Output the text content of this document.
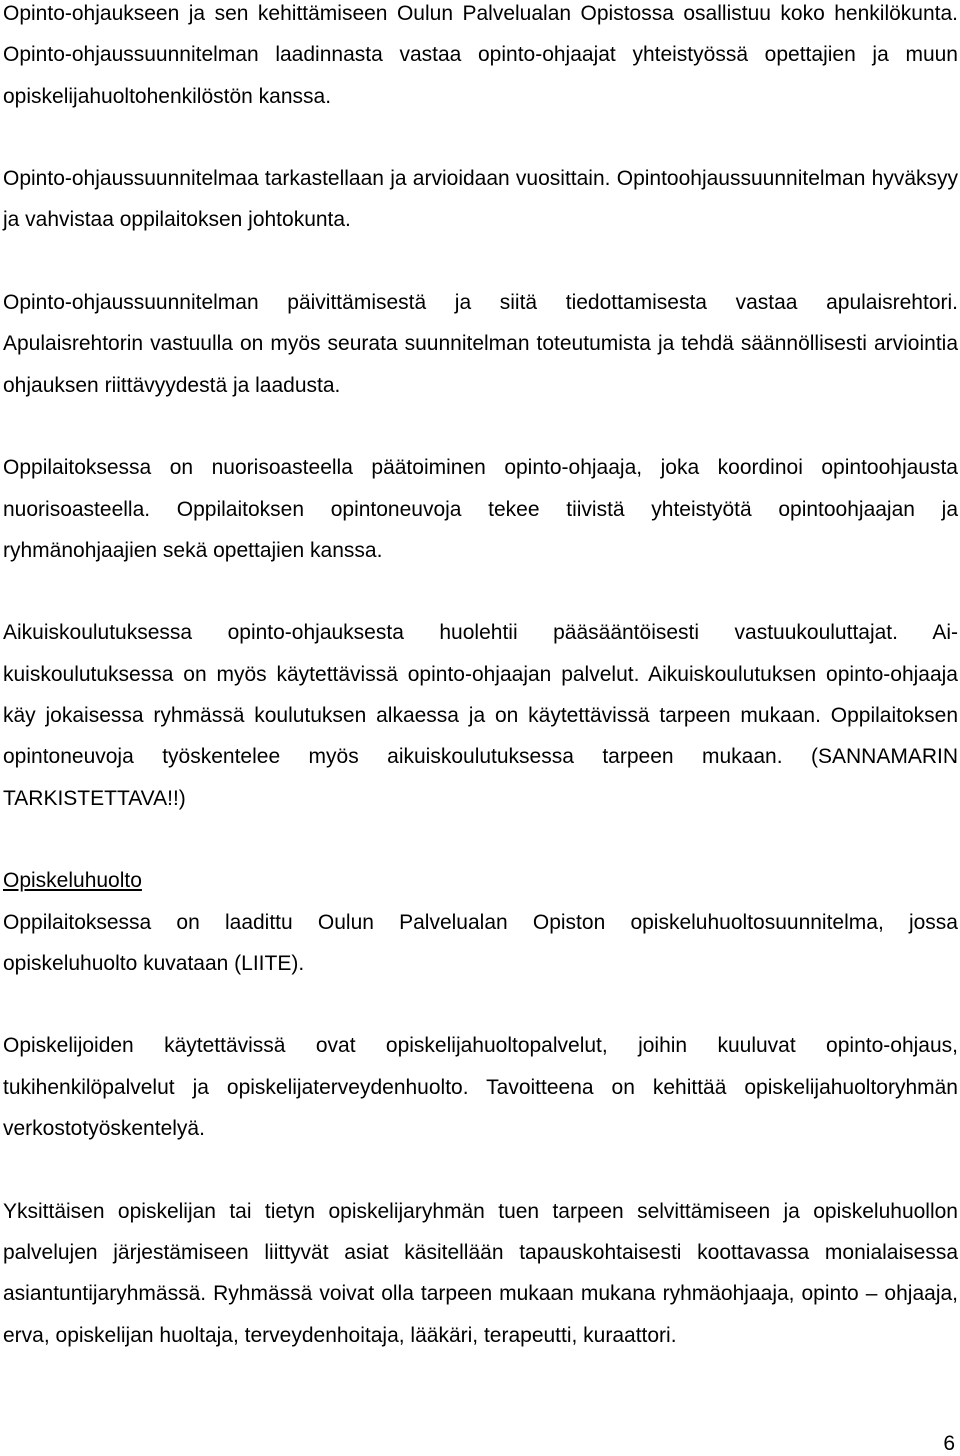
Opinto-ohjaukseen ja sen kehittämiseen Oulun Palvelualan Opistossa osallistuu koko henkilökunta. Opinto-ohjaussuunnitelman laadinnasta vastaa opinto-ohjaajat yhteistyössä opettajien ja muun opiskelijahuoltohenkilöstön kanssa.

Opinto-ohjaussuunnitelmaa tarkastellaan ja arvioidaan vuosittain. Opintoohjaussuunnitelman hyväksyy ja vahvistaa oppilaitoksen johtokunta.

Opinto-ohjaussuunnitelman päivittämisestä ja siitä tiedottamisesta vastaa apulaisrehtori. Apulaisrehtorin vastuulla on myös seurata suunnitelman toteutumista ja tehdä säännöllisesti arviointia ohjauksen riittävyydestä ja laadusta.

Oppilaitoksessa on nuorisoasteella päätoiminen opinto-ohjaaja, joka koordinoi opintoohjausta nuorisoasteella. Oppilaitoksen opintoneuvoja tekee tiivistä yhteistyötä opintoohjaajan ja ryhmänohjaajien sekä opettajien kanssa.

Aikuiskoulutuksessa opinto-ohjauksesta huolehtii pääsääntöisesti vastuukouluttajat. Aikuiskoulutuksessa on myös käytettävissä opinto-ohjaajan palvelut. Aikuiskoulutuksen opinto-ohjaaja käy jokaisessa ryhmässä koulutuksen alkaessa ja on käytettävissä tarpeen mukaan. Oppilaitoksen opintoneuvoja työskentelee myös aikuiskoulutuksessa tarpeen mukaan. (SANNAMARIN TARKISTETTAVA!!)

Opiskeluhuolto

Oppilaitoksessa on laadittu Oulun Palvelualan Opiston opiskeluhuoltosuunnitelma, jossa opiskeluhuolto kuvataan (LIITE).

Opiskelijoiden käytettävissä ovat opiskelijahuoltopalvelut, joihin kuuluvat opinto-ohjaus, tukihenkilöpalvelut ja opiskelijaterveydenhuolto. Tavoitteena on kehittää opiskelijahuoltoryhmän verkostotyöskentelyä.

Yksittäisen opiskelijan tai tietyn opiskelijaryhmän tuen tarpeen selvittämiseen ja opiskeluhuollon palvelujen järjestämiseen liittyvät asiat käsitellään tapauskohtaisesti koottavassa monialaisessa asiantuntijaryhmässä. Ryhmässä voivat olla tarpeen mukaan mukana ryhmäohjaaja, opinto – ohjaaja, erva, opiskelijan huoltaja, terveydenhoitaja, lääkäri, terapeutti, kuraattori.

6
